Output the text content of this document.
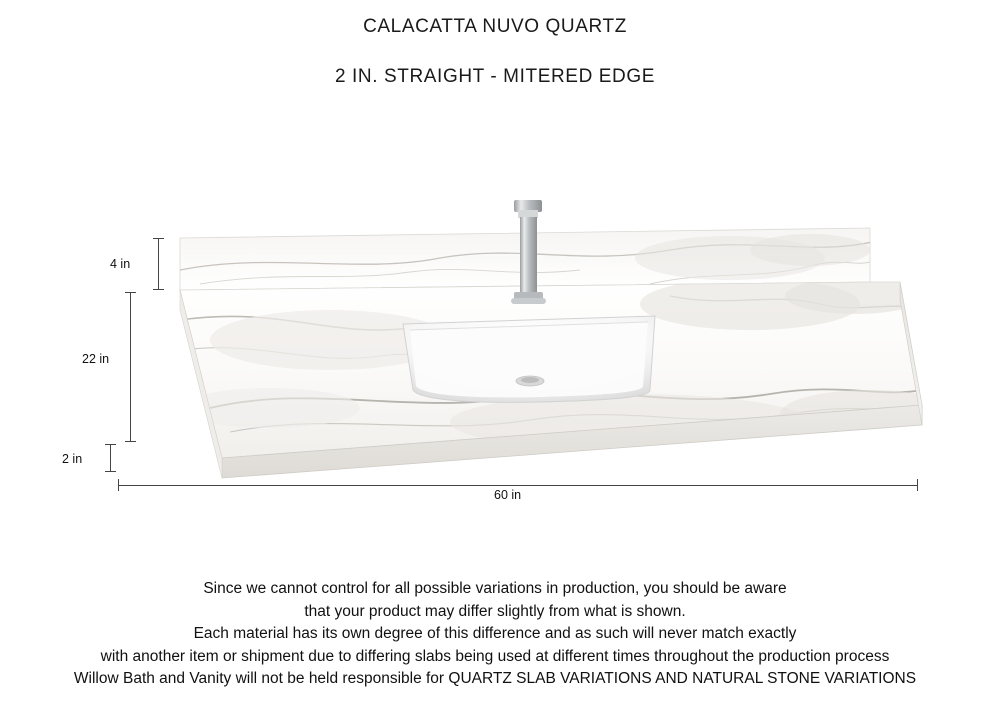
CALACATTA NUVO QUARTZ
2 IN. STRAIGHT - MITERED EDGE
4 in
22 in
2 in
60 in
Since we cannot control for all possible variations in production, you should be aware
that your product may differ slightly from what is shown.
Each material has its own degree of this difference and as such will never match exactly
with another item or shipment due to differing slabs being used at different times throughout the production process
Willow Bath and Vanity will not be held responsible for QUARTZ SLAB VARIATIONS AND NATURAL STONE VARIATIONS
